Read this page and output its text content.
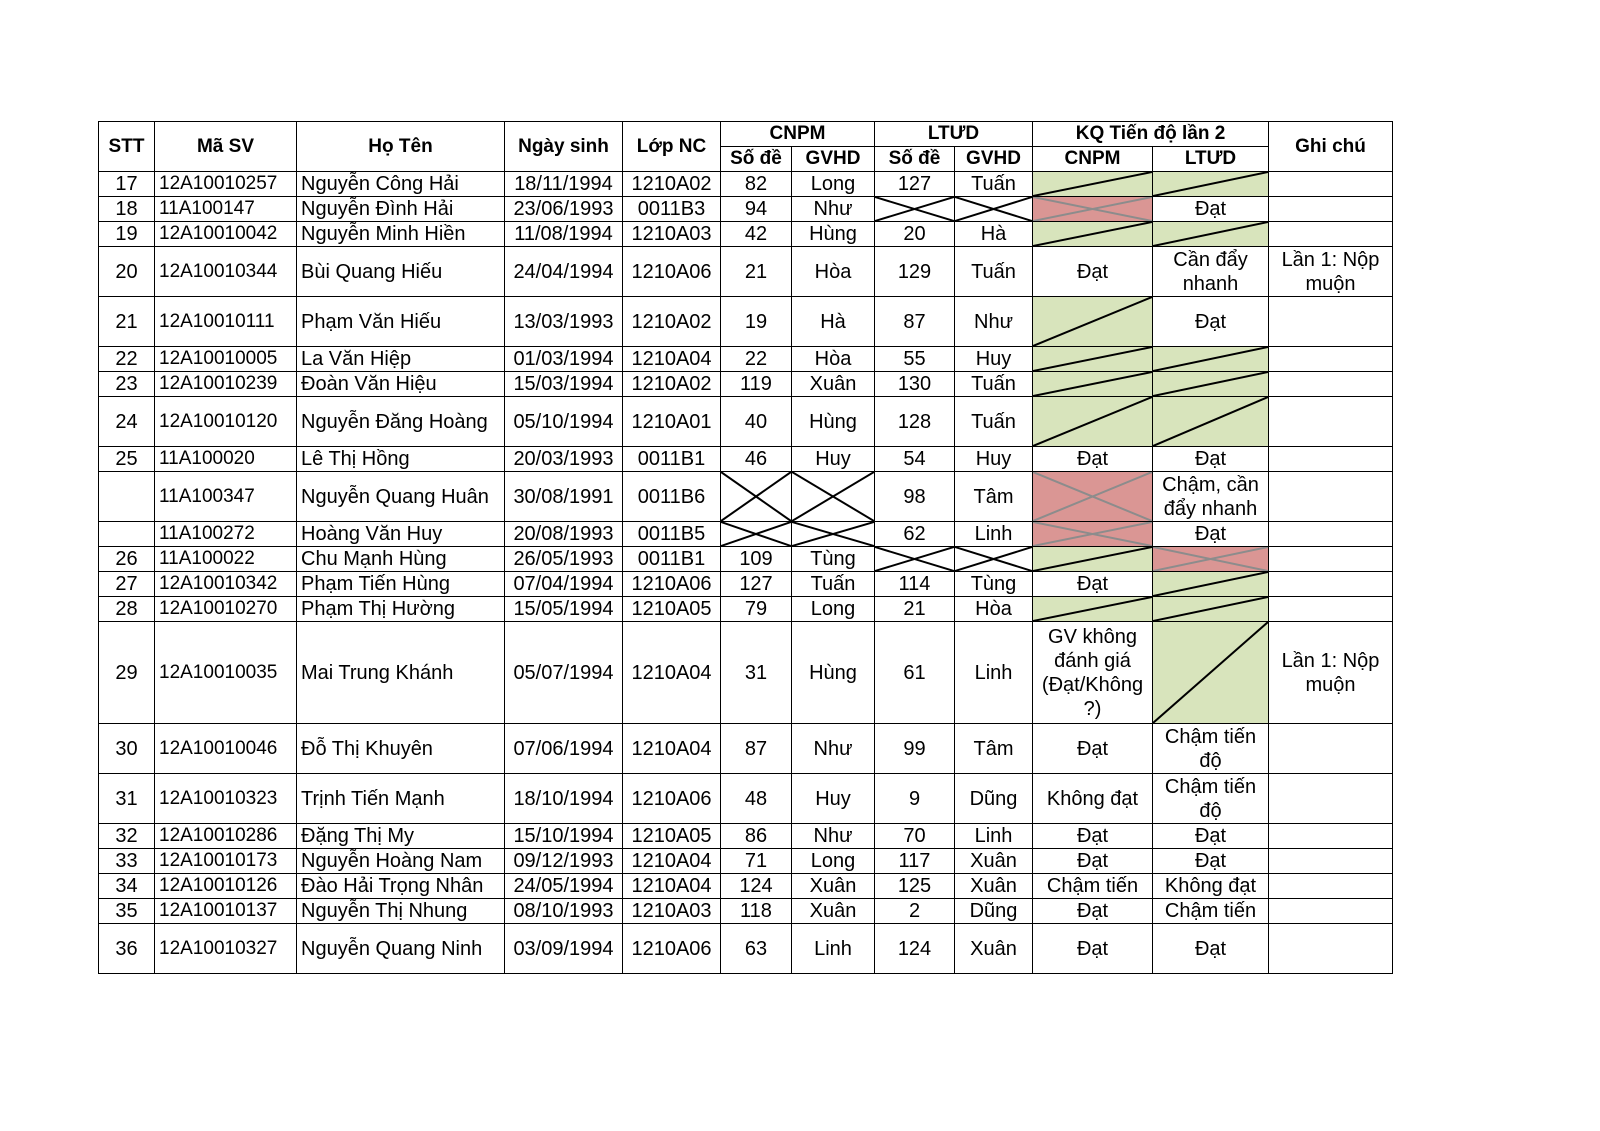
STT	Mã SV	Họ Tên	Ngày sinh	Lớp NC	CNPM		LTƯD		KQ Tiến độ lần 2		Ghi chú
					Số đề	GVHD	Số đề	GVHD	CNPM	LTƯD	
17	12A10010257	Nguyễn Công Hải	18/11/1994	1210A02	82	Long	127	Tuấn	

18	11A100147	Nguyễn Đình Hải	23/06/1993	0011B3	94	Như				Đạt	
19	12A10010042	Nguyễn Minh Hiền	11/08/1994	1210A03	42	Hùng	20	Hà	

20	12A10010344	Bùi Quang Hiếu	24/04/1994	1210A06	21	Hòa	129	Tuấn	Đạt	Cần đẩy nhanh	Lần 1: Nộp muộn
21	12A10010111	Phạm Văn Hiếu	13/03/1993	1210A02	19	Hà	87	Như		Đạt	
22	12A10010005	La Văn Hiệp	01/03/1994	1210A04	22	Hòa	55	Huy	

23	12A10010239	Đoàn Văn Hiệu	15/03/1994	1210A02	119	Xuân	130	Tuấn	

24	12A10010120	Nguyễn Đăng Hoàng	05/10/1994	1210A01	40	Hùng	128	Tuấn	

25	11A100020	Lê Thị Hồng	20/03/1993	0011B1	46	Huy	54	Huy	Đạt	Đạt	
	11A100347	Nguyễn Quang Huân	30/08/1991	0011B6			98	Tâm		Chậm, cần đẩy nhanh	
	11A100272	Hoàng Văn Huy	20/08/1993	0011B5			62	Linh		Đạt	
26	11A100022	Chu Mạnh Hùng	26/05/1993	0011B1	109	Tùng	

27	12A10010342	Phạm Tiến Hùng	07/04/1994	1210A06	127	Tuấn	114	Tùng	Đạt	

28	12A10010270	Phạm Thị Hường	15/05/1994	1210A05	79	Long	21	Hòa	

29	12A10010035	Mai Trung Khánh	05/07/1994	1210A04	31	Hùng	61	Linh	GV không đánh giá (Đạt/Không ?)		Lần 1: Nộp muộn
30	12A10010046	Đỗ Thị Khuyên	07/06/1994	1210A04	87	Như	99	Tâm	Đạt	Chậm tiến độ	
31	12A10010323	Trịnh Tiến Mạnh	18/10/1994	1210A06	48	Huy	9	Dũng	Không đạt	Chậm tiến độ	
32	12A10010286	Đặng Thị My	15/10/1994	1210A05	86	Như	70	Linh	Đạt	Đạt	
33	12A10010173	Nguyễn Hoàng Nam	09/12/1993	1210A04	71	Long	117	Xuân	Đạt	Đạt	
34	12A10010126	Đào Hải Trọng Nhân	24/05/1994	1210A04	124	Xuân	125	Xuân	Chậm tiến	Không đạt	
35	12A10010137	Nguyễn Thị Nhung	08/10/1993	1210A03	118	Xuân	2	Dũng	Đạt	Chậm tiến	
36	12A10010327	Nguyễn Quang Ninh	03/09/1994	1210A06	63	Linh	124	Xuân	Đạt	Đạt	
